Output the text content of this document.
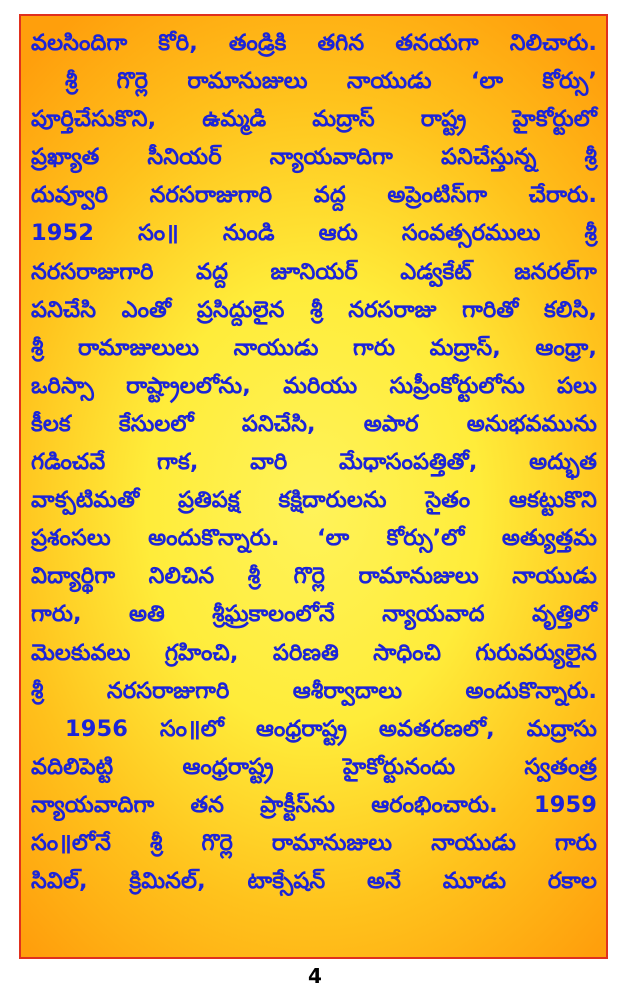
వలసిందిగా కోరి, తండ్రికి తగిన తనయగా నిలిచారు.
శ్రీ గొర్లె రామానుజులు నాయుడు ‘లా కోర్సు’
పూర్తిచేసుకొని, ఉమ్మడి మద్రాస్ రాష్ట్ర హైకోర్టులో
ప్రఖ్యాత సీనియర్ న్యాయవాదిగా పనిచేస్తున్న శ్రీ
దువ్వూరి నరసరాజుగారి వద్ద అప్రెంటిస్‌గా చేరారు.
1952 సం॥ నుండి ఆరు సంవత్సరములు శ్రీ
నరసరాజుగారి వద్ద జూనియర్ ఎడ్వకేట్ జనరల్‌గా
పనిచేసి ఎంతో ప్రసిద్దులైన శ్రీ నరసరాజు గారితో కలిసి,
శ్రీ రామాజులులు నాయుడు గారు మద్రాస్, ఆంధ్రా,
ఒరిస్సా రాష్ట్రాలలోను, మరియు సుప్రీంకోర్టులోను పలు
కీలక కేసులలో పనిచేసి, అపార అనుభవమును
గడించవే గాక, వారి మేధాసంపత్తితో, అద్భుత
వాక్పటిమతో ప్రతిపక్ష కక్షిదారులను సైతం ఆకట్టుకొని
ప్రశంసలు అందుకొన్నారు. ‘లా కోర్సు’లో అత్యుత్తమ
విద్యార్థిగా నిలిచిన శ్రీ గొర్లె రామానుజులు నాయుడు
గారు, అతి శ్రీఘ్రకాలంలోనే న్యాయవాద వృత్తిలో
మెలకువలు గ్రహించి, పరిణతి సాధించి గురువర్యులైన
శ్రీ నరసరాజుగారి ఆశీర్వాదాలు అందుకొన్నారు.
1956 సం॥లో ఆంధ్రరాష్ట్ర అవతరణలో, మద్రాసు
వదిలిపెట్టి ఆంధ్రరాష్ట్ర హైకోర్టునందు స్వతంత్ర
న్యాయవాదిగా తన ప్రాక్టీస్‌ను ఆరంభించారు. 1959
సం॥లోనే శ్రీ గొర్లె రామానుజులు నాయుడు గారు
సివిల్, క్రిమినల్, టాక్సేషన్ అనే మూడు రకాల
4
